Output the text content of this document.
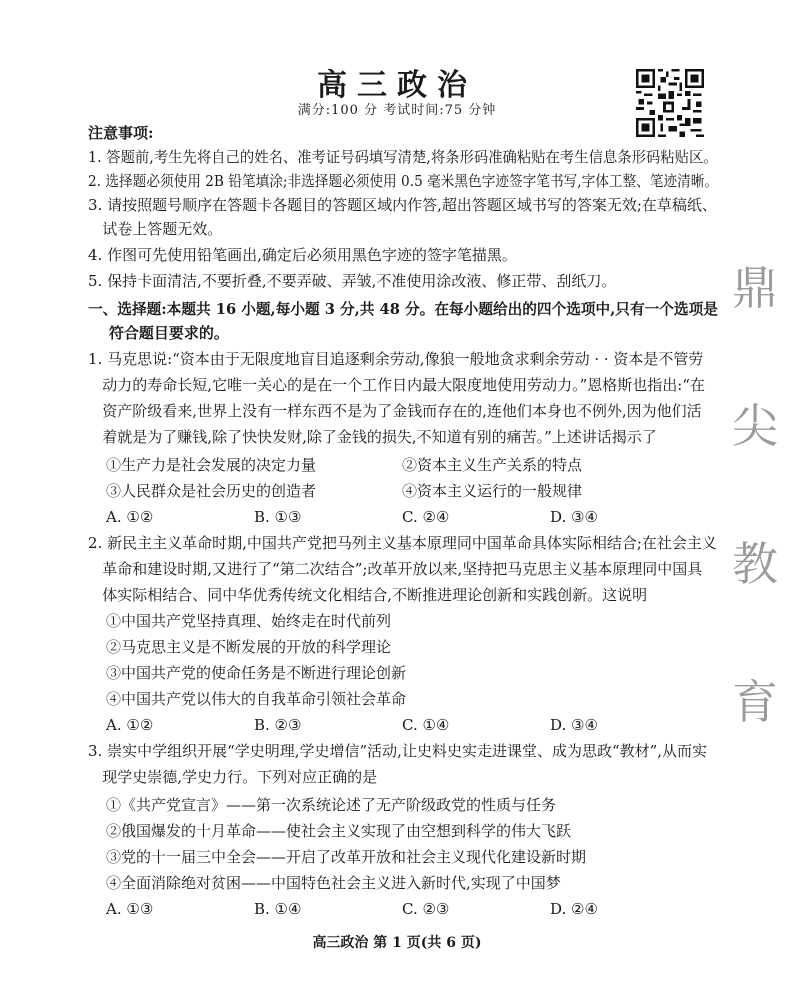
高三政治
满分:100 分 考试时间:75 分钟
鼎
尖
教
育
注意事项:
1. 答题前,考生先将自己的姓名、准考证号码填写清楚,将条形码准确粘贴在考生信息条形码粘贴区。
2. 选择题必须使用 2B 铅笔填涂;非选择题必须使用 0.5 毫米黑色字迹签字笔书写,字体工整、笔迹清晰。
3. 请按照题号顺序在答题卡各题目的答题区域内作答,超出答题区域书写的答案无效;在草稿纸、
试卷上答题无效。
4. 作图可先使用铅笔画出,确定后必须用黑色字迹的签字笔描黑。
5. 保持卡面清洁,不要折叠,不要弄破、弄皱,不准使用涂改液、修正带、刮纸刀。
一、选择题:本题共 16 小题,每小题 3 分,共 48 分。在每小题给出的四个选项中,只有一个选项是
符合题目要求的。
1. 马克思说:“资本由于无限度地盲目追逐剩余劳动,像狼一般地贪求剩余劳动 · · 资本是不管劳
动力的寿命长短,它唯一关心的是在一个工作日内最大限度地使用劳动力。”恩格斯也指出:“在
资产阶级看来,世界上没有一样东西不是为了金钱而存在的,连他们本身也不例外,因为他们活
着就是为了赚钱,除了快快发财,除了金钱的损失,不知道有别的痛苦。”上述讲话揭示了
①生产力是社会发展的决定力量	②资本主义生产关系的特点
③人民群众是社会历史的创造者	④资本主义运行的一般规律
A. ①②	B. ①③	C. ②④	D. ③④
2. 新民主主义革命时期,中国共产党把马列主义基本原理同中国革命具体实际相结合;在社会主义
革命和建设时期,又进行了“第二次结合”;改革开放以来,坚持把马克思主义基本原理同中国具
体实际相结合、同中华优秀传统文化相结合,不断推进理论创新和实践创新。这说明
①中国共产党坚持真理、始终走在时代前列
②马克思主义是不断发展的开放的科学理论
③中国共产党的使命任务是不断进行理论创新
④中国共产党以伟大的自我革命引领社会革命
A. ①②	B. ②③	C. ①④	D. ③④
3. 崇实中学组织开展“学史明理,学史增信”活动,让史料史实走进课堂、成为思政“教材”,从而实
现学史崇德,学史力行。下列对应正确的是
①《共产党宣言》——第一次系统论述了无产阶级政党的性质与任务
②俄国爆发的十月革命——使社会主义实现了由空想到科学的伟大飞跃
③党的十一届三中全会——开启了改革开放和社会主义现代化建设新时期
④全面消除绝对贫困——中国特色社会主义进入新时代,实现了中国梦
A. ①③	B. ①④	C. ②③	D. ②④
高三政治 第 1 页(共 6 页)
